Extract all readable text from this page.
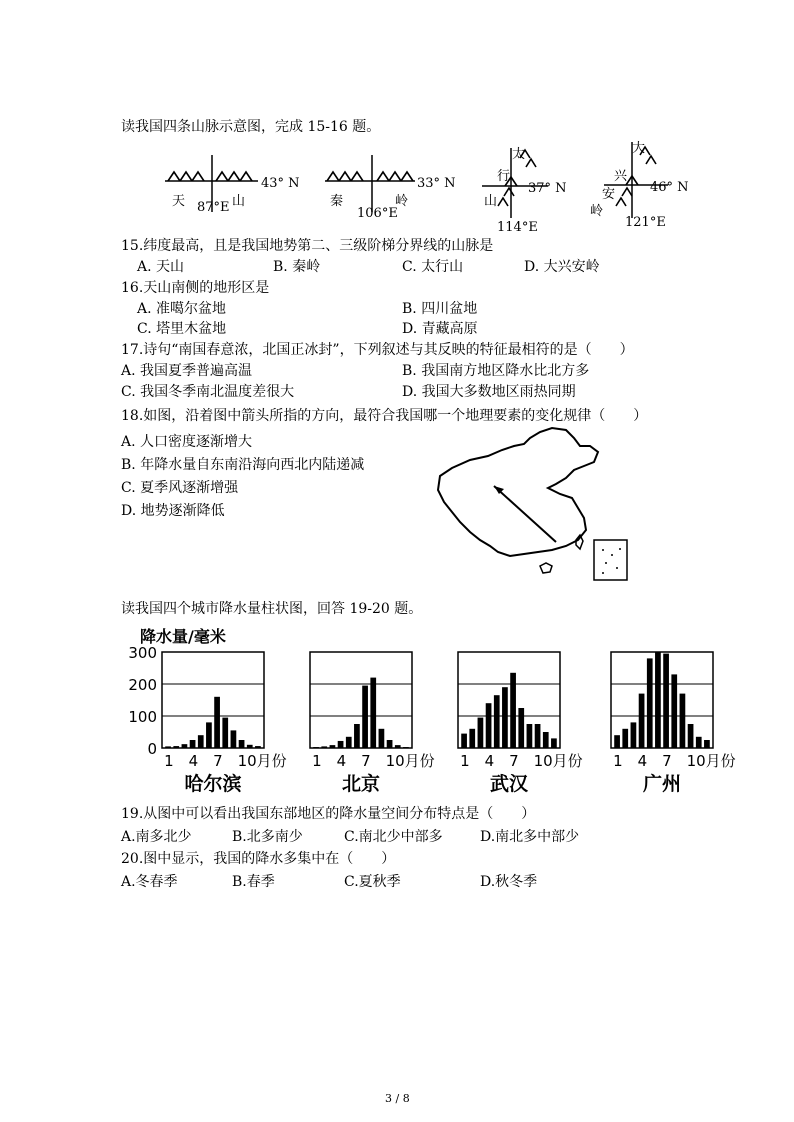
读我国四条山脉示意图，完成 15-16 题。
43° N
87°E
天	山
33° N
106°E
秦	岭
37° N
114°E
太
行
山
46° N
121°E
大
兴
安
岭
15.纬度最高，且是我国地势第二、三级阶梯分界线的山脉是
A. 天山	B. 秦岭	C. 太行山	D. 大兴安岭
16.天山南侧的地形区是
A. 准噶尔盆地	B. 四川盆地
C. 塔里木盆地	D. 青藏高原
17.诗句“南国春意浓，北国正冰封”，下列叙述与其反映的特征最相符的是（　　）
A. 我国夏季普遍高温	B. 我国南方地区降水比北方多
C. 我国冬季南北温度差很大	D. 我国大多数地区雨热同期
18.如图，沿着图中箭头所指的方向，最符合我国哪一个地理要素的变化规律（　　）
A. 人口密度逐渐增大
B. 年降水量自东南沿海向西北内陆递减
C. 夏季风逐渐增强
D. 地势逐渐降低
读我国四个城市降水量柱状图，回答 19-20 题。
降水量/毫米
300
200
100
0
1 4 7 10月份
哈尔滨
1 4 7 10月份
北京
1 4 7 10月份
武汉
1 4 7 10月份
广州
19.从图中可以看出我国东部地区的降水量空间分布特点是（　　）
A.南多北少	B.北多南少	C.南北少中部多	D.南北多中部少
20.图中显示，我国的降水多集中在（　　）
A.冬春季	B.春季	C.夏秋季	D.秋冬季
3 / 8
